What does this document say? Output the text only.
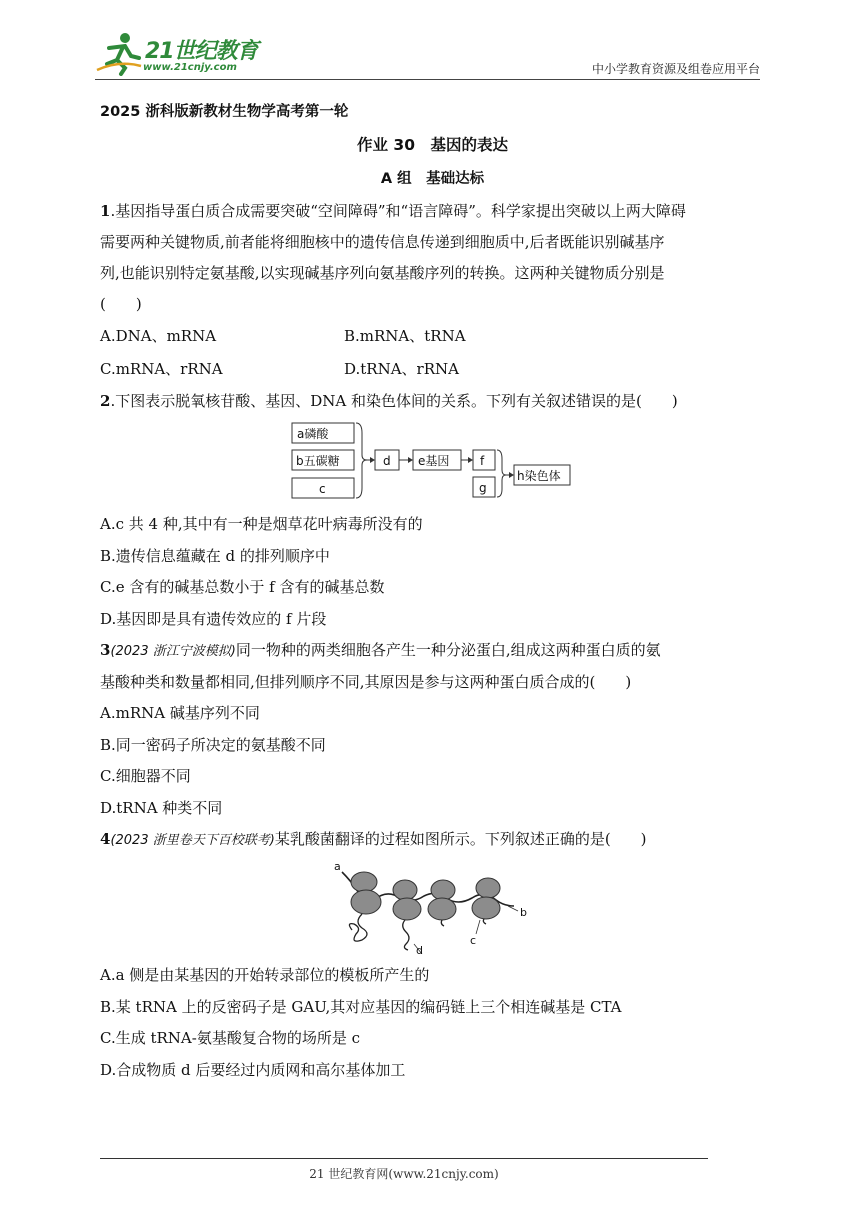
21世纪教育
www.21cnjy.com	中小学教育资源及组卷应用平台

2025 浙科版新教材生物学高考第一轮

作业 30　基因的表达

A 组　基础达标

1.基因指导蛋白质合成需要突破“空间障碍”和“语言障碍”。科学家提出突破以上两大障碍

需要两种关键物质,前者能将细胞核中的遗传信息传递到细胞质中,后者既能识别碱基序

列,也能识别特定氨基酸,以实现碱基序列向氨基酸序列的转换。这两种关键物质分别是

(　　)

A.DNA、mRNA	B.mRNA、tRNA
C.mRNA、rRNA	D.tRNA、rRNA

2.下图表示脱氧核苷酸、基因、DNA 和染色体间的关系。下列有关叙述错误的是(　　)

a磷酸
b五碳糖
c
d e基因	f
g
h染色体

A.c 共 4 种,其中有一种是烟草花叶病毒所没有的

B.遗传信息蕴藏在 d 的排列顺序中

C.e 含有的碱基总数小于 f 含有的碱基总数

D.基因即是具有遗传效应的 f 片段

3(2023 浙江宁波模拟)同一物种的两类细胞各产生一种分泌蛋白,组成这两种蛋白质的氨

基酸种类和数量都相同,但排列顺序不同,其原因是参与这两种蛋白质合成的(　　)

A.mRNA 碱基序列不同

B.同一密码子所决定的氨基酸不同

C.细胞器不同

D.tRNA 种类不同

4(2023 浙里卷天下百校联考)某乳酸菌翻译的过程如图所示。下列叙述正确的是(　　)

a
b
c
d

A.a 侧是由某基因的开始转录部位的模板所产生的

B.某 tRNA 上的反密码子是 GAU,其对应基因的编码链上三个相连碱基是 CTA

C.生成 tRNA-氨基酸复合物的场所是 c

D.合成物质 d 后要经过内质网和高尔基体加工

21 世纪教育网(www.21cnjy.com)
